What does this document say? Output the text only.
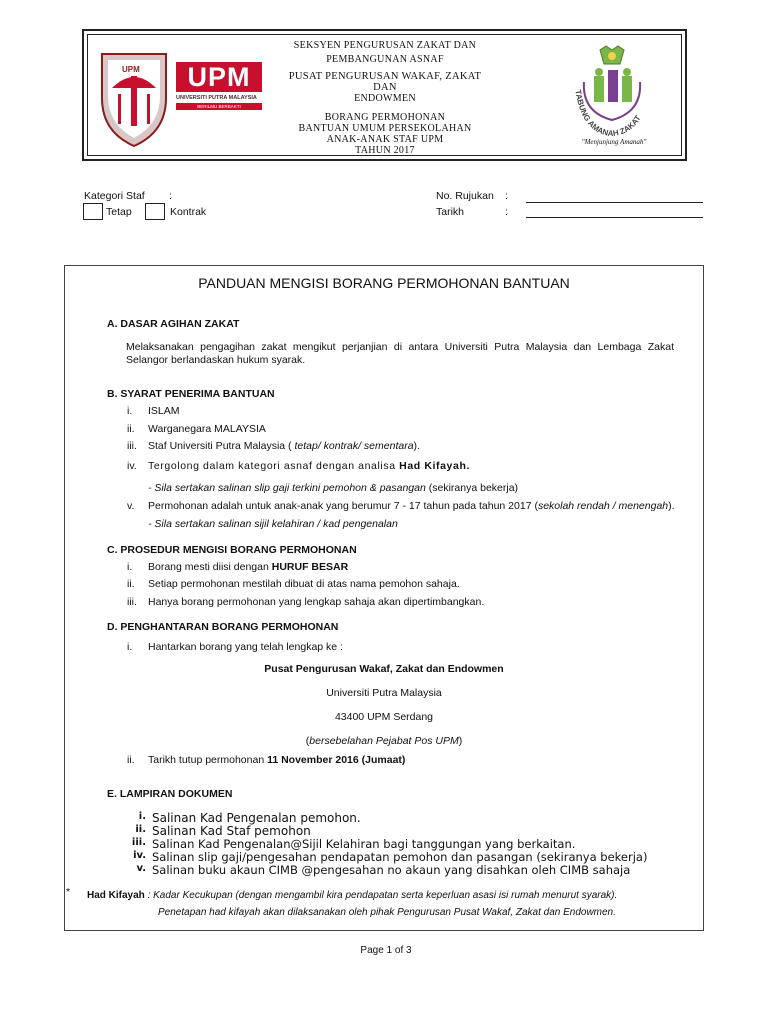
UPM	UPM
UNIVERSITI PUTRA MALAYSIA
BERILMU BERBAKTI
SEKSYEN PENGURUSAN ZAKAT DAN
PEMBANGUNAN ASNAF
PUSAT PENGURUSAN WAKAF, ZAKAT DAN
ENDOWMEN
BORANG PERMOHONAN
BANTUAN UMUM PERSEKOLAHAN
ANAK-ANAK STAF UPM
TAHUN 2017
TABUNG AMANAH ZAKAT
"Menjunjung Amanah"
Kategori Staf :
Tetap	Kontrak
No. Rujukan :
Tarikh	:
PANDUAN MENGISI BORANG PERMOHONAN BANTUAN
A. DASAR AGIHAN ZAKAT
Melaksanakan pengagihan zakat mengikut perjanjian di antara Universiti Putra Malaysia dan Lembaga Zakat Selangor berlandaskan hukum syarak.
B. SYARAT PENERIMA BANTUAN
i. ISLAM
ii. Warganegara MALAYSIA
iii. Staf Universiti Putra Malaysia ( tetap/ kontrak/ sementara).
iv. Tergolong dalam kategori asnaf dengan analisa Had Kifayah.
- Sila sertakan salinan slip gaji terkini pemohon & pasangan (sekiranya bekerja)
v. Permohonan adalah untuk anak-anak yang berumur 7 - 17 tahun pada tahun 2017 (sekolah rendah / menengah).
- Sila sertakan salinan sijil kelahiran / kad pengenalan
C. PROSEDUR MENGISI BORANG PERMOHONAN
i. Borang mesti diisi dengan HURUF BESAR
ii. Setiap permohonan mestilah dibuat di atas nama pemohon sahaja.
iii. Hanya borang permohonan yang lengkap sahaja akan dipertimbangkan.
D. PENGHANTARAN BORANG PERMOHONAN
i. Hantarkan borang yang telah lengkap ke :
Pusat Pengurusan Wakaf, Zakat dan Endowmen
Universiti Putra Malaysia
43400 UPM Serdang
(bersebelahan Pejabat Pos UPM)
ii. Tarikh tutup permohonan 11 November 2016 (Jumaat)
E. LAMPIRAN DOKUMEN
i. Salinan Kad Pengenalan pemohon.
ii. Salinan Kad Staf pemohon
iii. Salinan Kad Pengenalan@Sijil Kelahiran bagi tanggungan yang berkaitan.
iv. Salinan slip gaji/pengesahan pendapatan pemohon dan pasangan (sekiranya bekerja)
v. Salinan buku akaun CIMB @pengesahan no akaun yang disahkan oleh CIMB sahaja
* Had Kifayah : Kadar Kecukupan (dengan mengambil kira pendapatan serta keperluan asasi isi rumah menurut syarak).
Penetapan had kifayah akan dilaksanakan oleh pihak Pengurusan Pusat Wakaf, Zakat dan Endowmen.
Page 1 of 3
